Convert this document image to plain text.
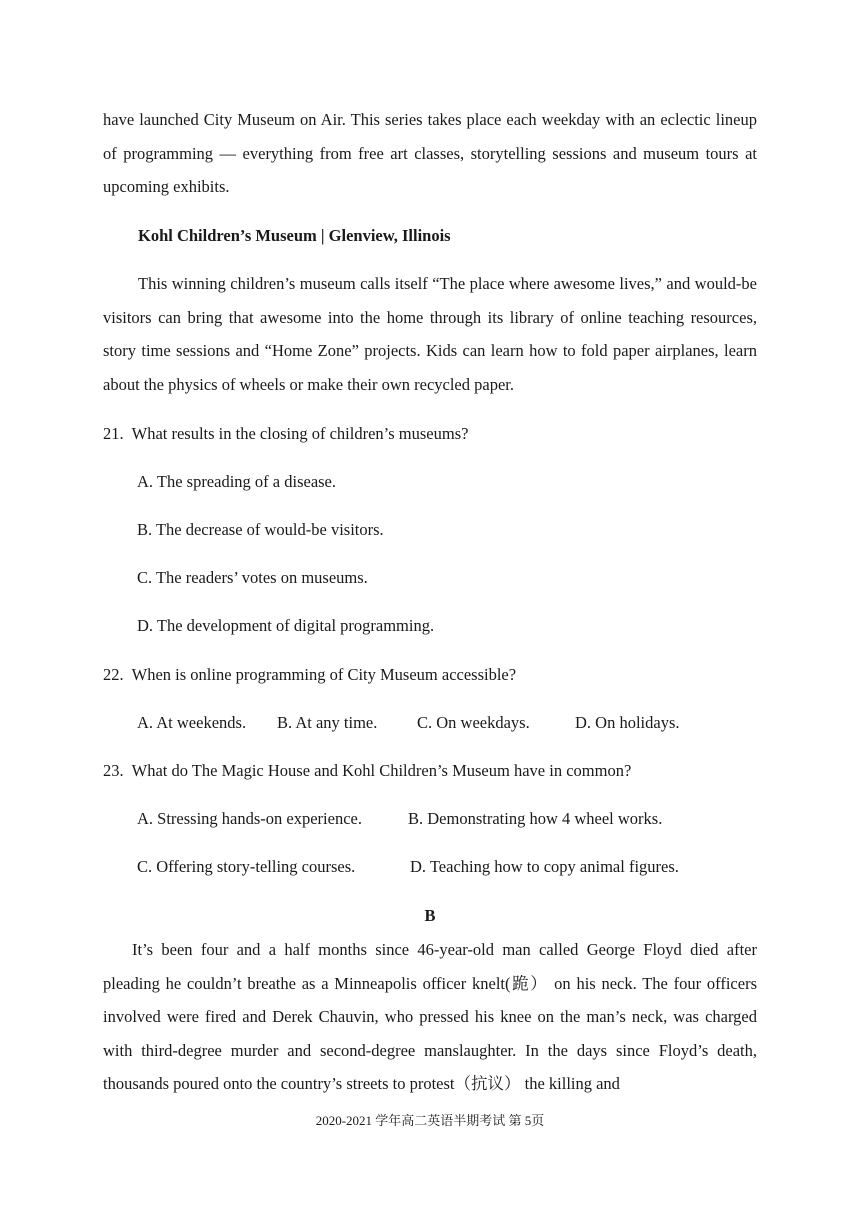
have launched City Museum on Air. This series takes place each weekday with an eclectic lineup of programming — everything from free art classes, storytelling sessions and museum tours at upcoming exhibits.

Kohl Children’s Museum | Glenview, Illinois

This winning children’s museum calls itself “The place where awesome lives,” and would-be visitors can bring that awesome into the home through its library of online teaching resources, story time sessions and “Home Zone” projects. Kids can learn how to fold paper airplanes, learn about the physics of wheels or make their own recycled paper.

21. What results in the closing of children’s museums?
A. The spreading of a disease.
B. The decrease of would-be visitors.
C. The readers’ votes on museums.
D. The development of digital programming.
22. When is online programming of City Museum accessible?
A. At weekends. B. At any time. C. On weekdays.	D. On holidays.
23. What do The Magic House and Kohl Children’s Museum have in common?
A. Stressing hands-on experience.	B. Demonstrating how 4 wheel works.
C. Offering story-telling courses.	D. Teaching how to copy animal figures.
B

It’s been four and a half months since 46-year-old man called George Floyd died after pleading he couldn’t breathe as a Minneapolis officer knelt(跪） on his neck. The four officers involved were fired and Derek Chauvin, who pressed his knee on the man’s neck, was charged with third-degree murder and second-degree manslaughter. In the days since Floyd’s death, thousands poured onto the country’s streets to protest（抗议） the killing and

2020-2021 学年高二英语半期考试 第 5页
